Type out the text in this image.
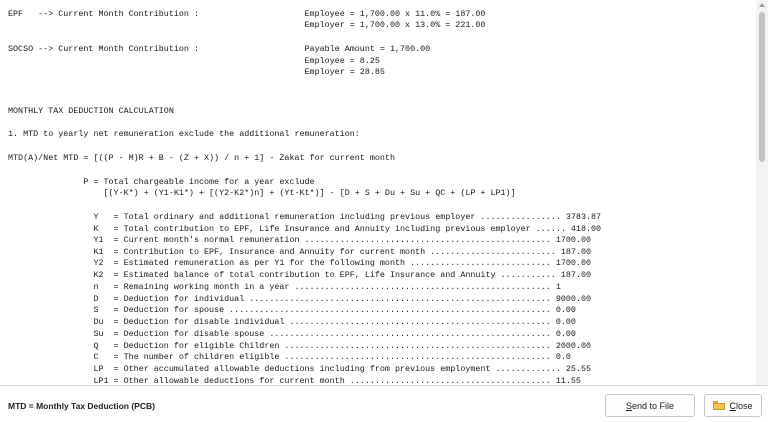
EPF   --> Current Month Contribution :                     Employee = 1,700.00 x 11.0% = 187.00
Employer = 1,700.00 x 13.0% = 221.00
SOCSO --> Current Month Contribution :                     Payable Amount = 1,700.00
Employee = 8.25
Employer = 28.85
MONTHLY TAX DEDUCTION CALCULATION
1. MTD to yearly net remuneration exclude the additional remuneration:
MTD(A)/Net MTD = [((P - M)R + B - (Z + X)) / n + 1] - Zakat for current month
P = Total chargeable income for a year exclude
[(Y-K*) + (Y1-K1*) + [(Y2-K2*)n] + (Yt-Kt*)] - [D + S + Du + Su + QC + (LP + LP1)]
Y   = Total ordinary and additional remuneration including previous employer ................ 3783.87
K   = Total contribution to EPF, Life Insurance and Annuity including previous employer ...... 418.00
Y1  = Current month's normal remuneration ................................................. 1700.00
K1  = Contribution to EPF, Insurance and Annuity for current month ......................... 187.00
Y2  = Estimated remuneration as per Y1 for the following month ............................ 1700.00
K2  = Estimated balance of total contribution to EPF, Life Insurance and Annuity ........... 187.00
n   = Remaining working month in a year ................................................... 1
D   = Deduction for individual ............................................................ 9000.00
S   = Deduction for spouse ................................................................ 0.00
Du  = Deduction for disable individual .................................................... 0.00
Su  = Deduction for disable spouse ........................................................ 0.00
Q   = Deduction for eligible Children ..................................................... 2000.00
C   = The number of children eligible ..................................................... 0.0
LP  = Other accumulated allowable deductions including from previous employment ............. 25.55
LP1 = Other allowable deductions for current month ........................................ 11.55
MTD = Monthly Tax Deduction (PCB)	S end to File	C lose
